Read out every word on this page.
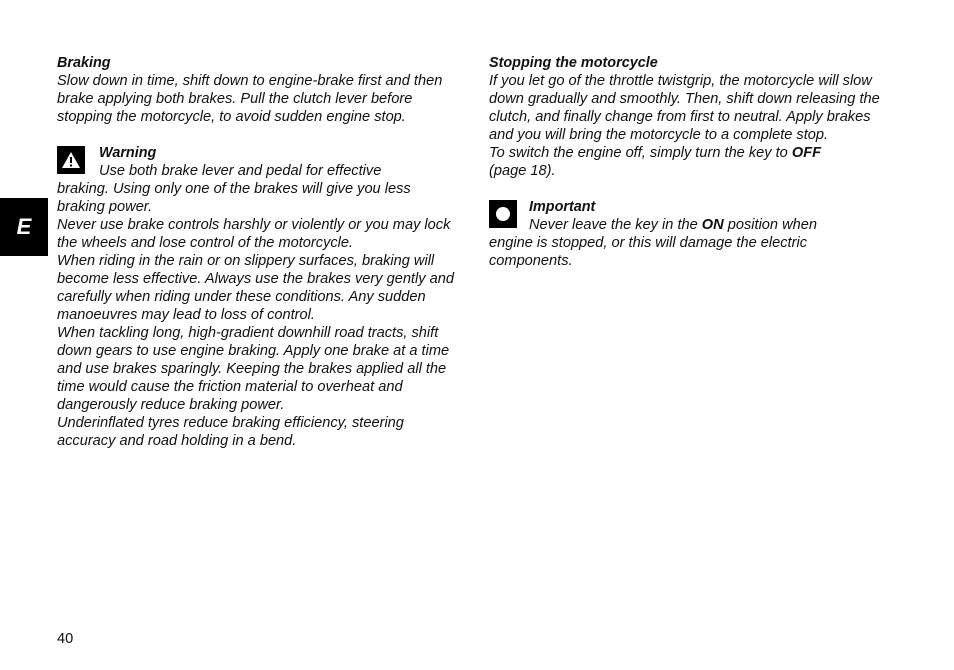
E
Braking

Slow down in time, shift down to engine-brake first and then brake applying both brakes. Pull the clutch lever before stopping the motorcycle, to avoid sudden engine stop.

Warning
Use both brake lever and pedal for effective

braking. Using only one of the brakes will give you less braking power.

Never use brake controls harshly or violently or you may lock the wheels and lose control of the motorcycle.

When riding in the rain or on slippery surfaces, braking will become less effective. Always use the brakes very gently and carefully when riding under these conditions. Any sudden manoeuvres may lead to loss of control.

When tackling long, high-gradient downhill road tracts, shift down gears to use engine braking. Apply one brake at a time and use brakes sparingly. Keeping the brakes applied all the time would cause the friction material to overheat and dangerously reduce braking power.

Underinflated tyres reduce braking efficiency, steering accuracy and road holding in a bend.

Stopping the motorcycle

If you let go of the throttle twistgrip, the motorcycle will slow down gradually and smoothly. Then, shift down releasing the clutch, and finally change from first to neutral. Apply brakes and you will bring the motorcycle to a complete stop.

To switch the engine off, simply turn the key to OFF
(page 18).

Important
Never leave the key in the ON position when

engine is stopped, or this will damage the electric components.

40
